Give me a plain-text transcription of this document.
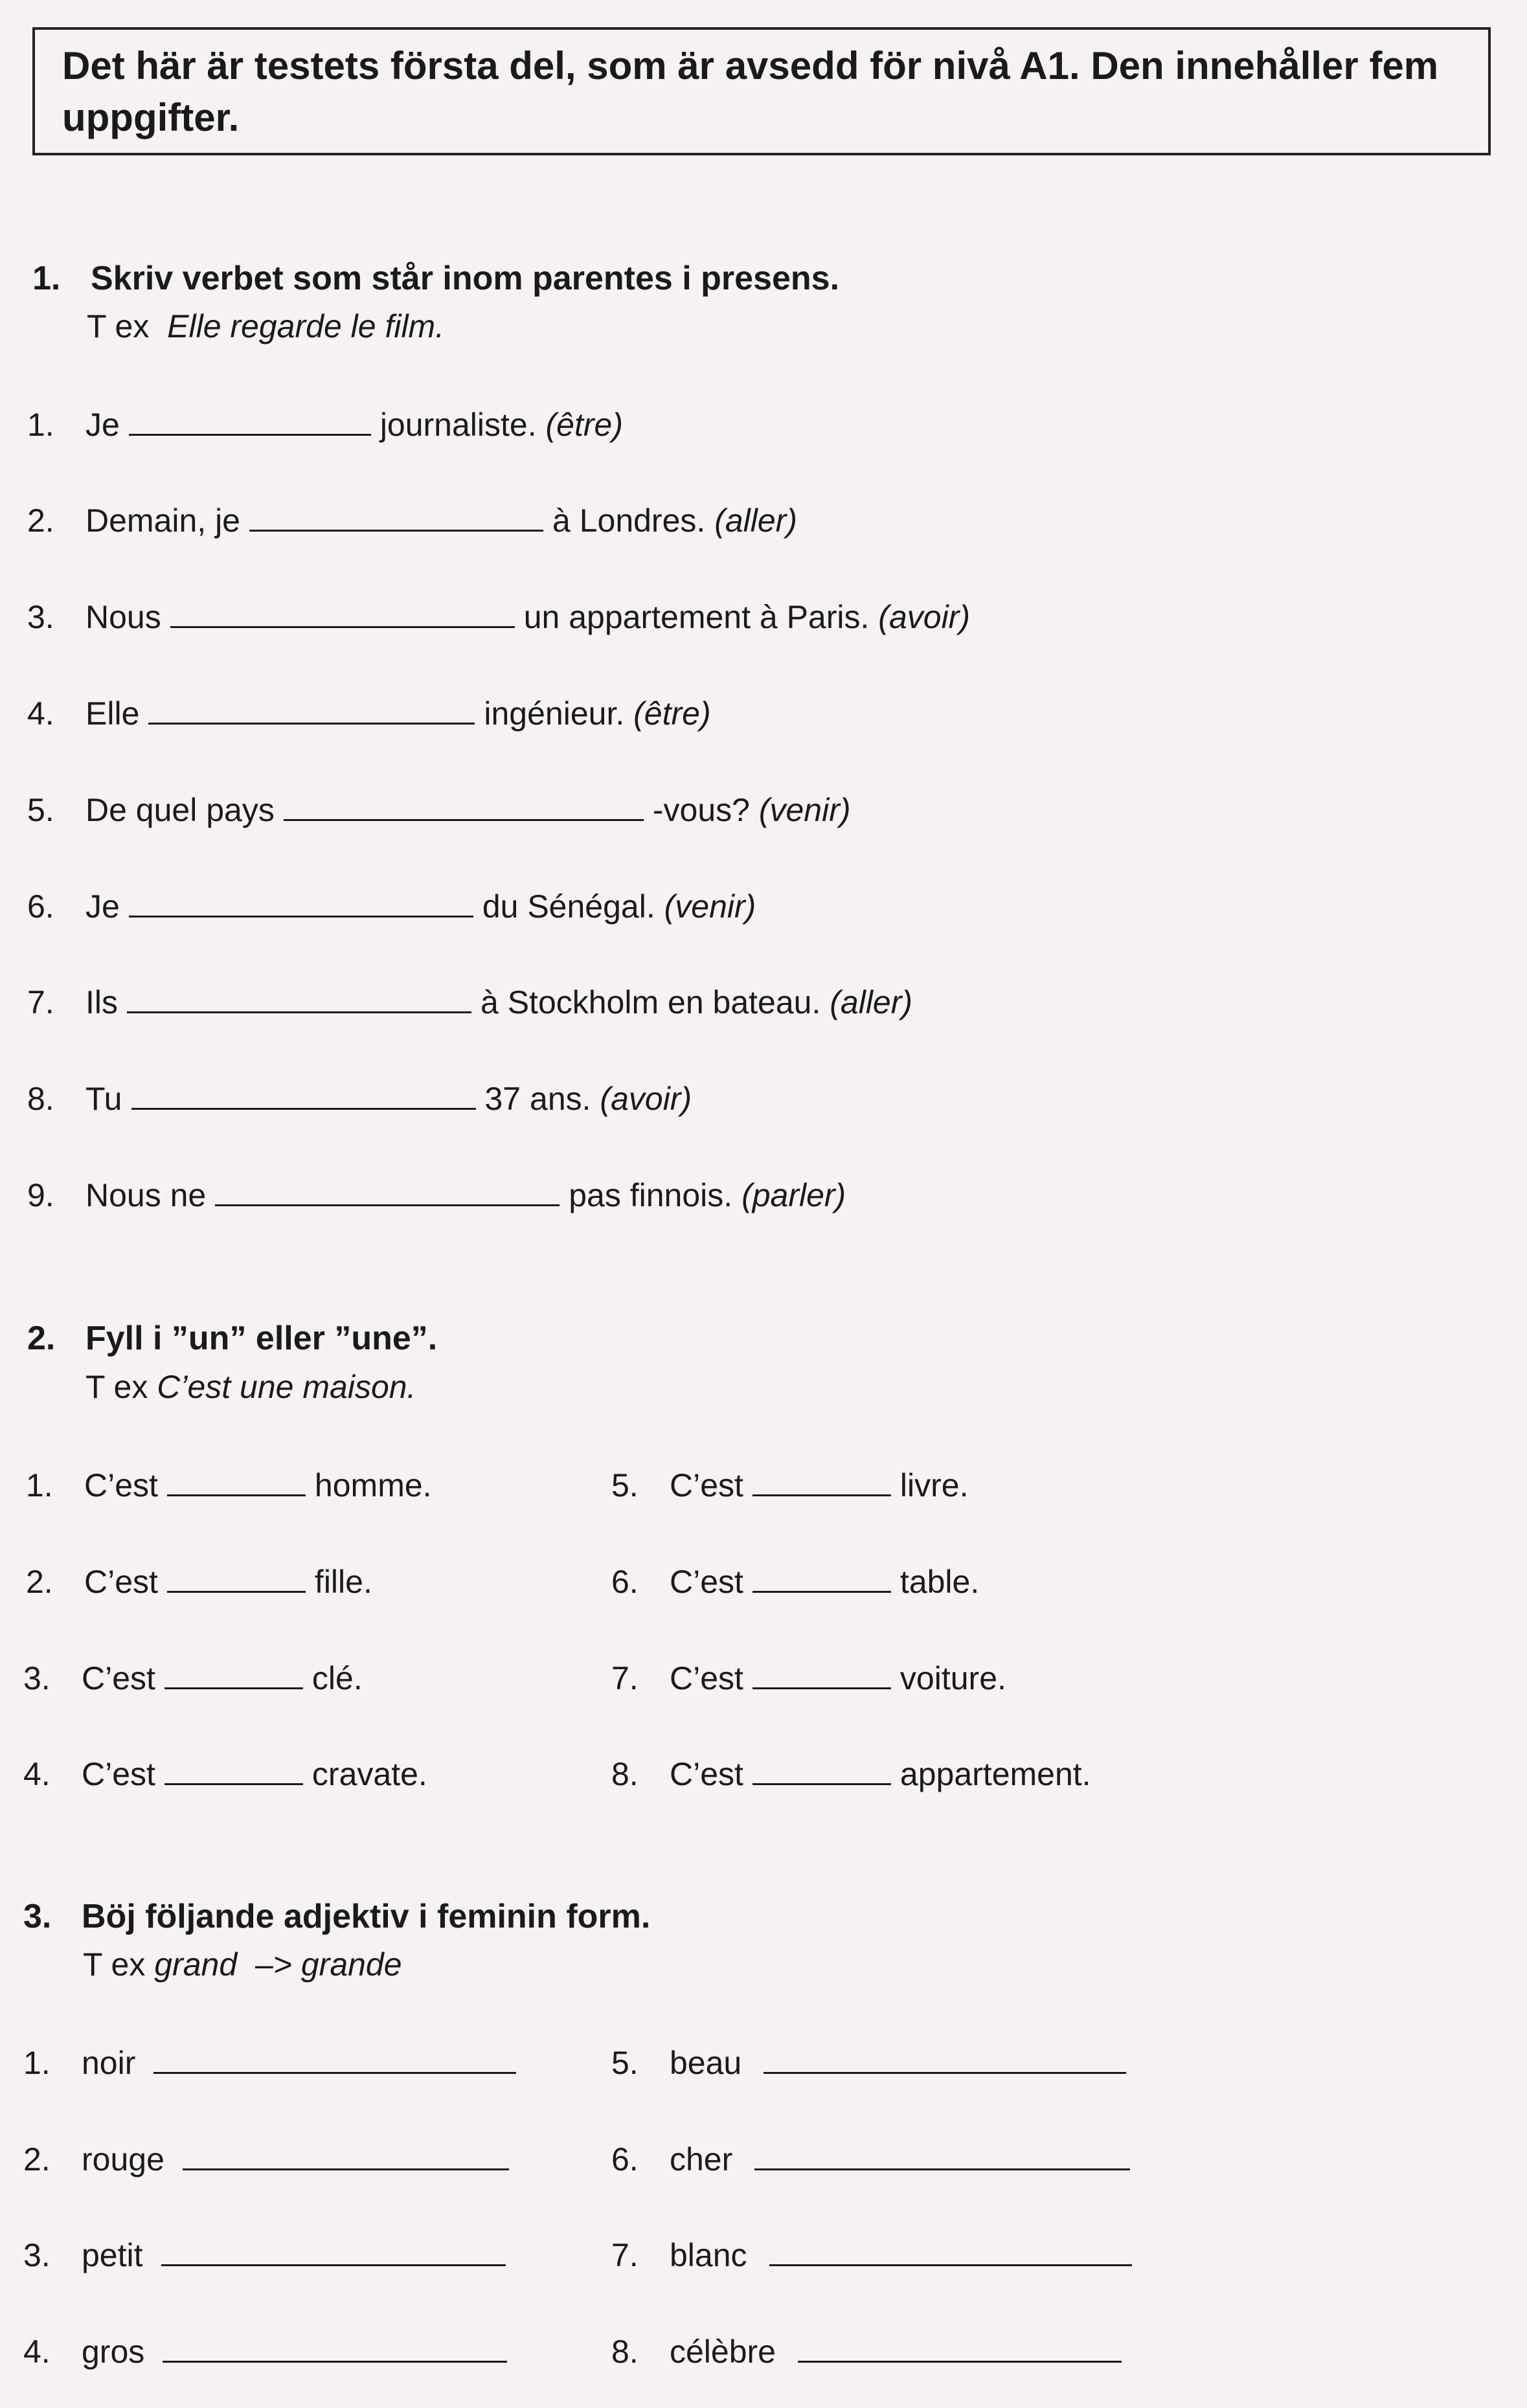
Det här är testets första del, som är avsedd för nivå A1. Den innehåller fem uppgifter.
1. Skriv verbet som står inom parentes i presens.
T ex Elle regarde le film.
1. Je	journaliste. (être)
2. Demain, je	à Londres. (aller)
3. Nous	un appartement à Paris. (avoir)
4. Elle	ingénieur. (être)
5. De quel pays	-vous? (venir)
6. Je	du Sénégal. (venir)
7. Ils	à Stockholm en bateau. (aller)
8. Tu	37 ans. (avoir)
9. Nous ne	pas finnois. (parler)
2. Fyll i ”un” eller ”une”.
T ex C’est une maison.
1. C’est	homme.
2. C’est	fille.
3. C’est	clé.
4. C’est	cravate.
5. C’est	livre.
6. C’est	table.
7. C’est	voiture.
8. C’est	appartement.
3. Böj följande adjektiv i feminin form.
T ex grand –> grande
1. noir
2. rouge
3. petit
4. gros
5. beau
6. cher
7. blanc
8. célèbre
